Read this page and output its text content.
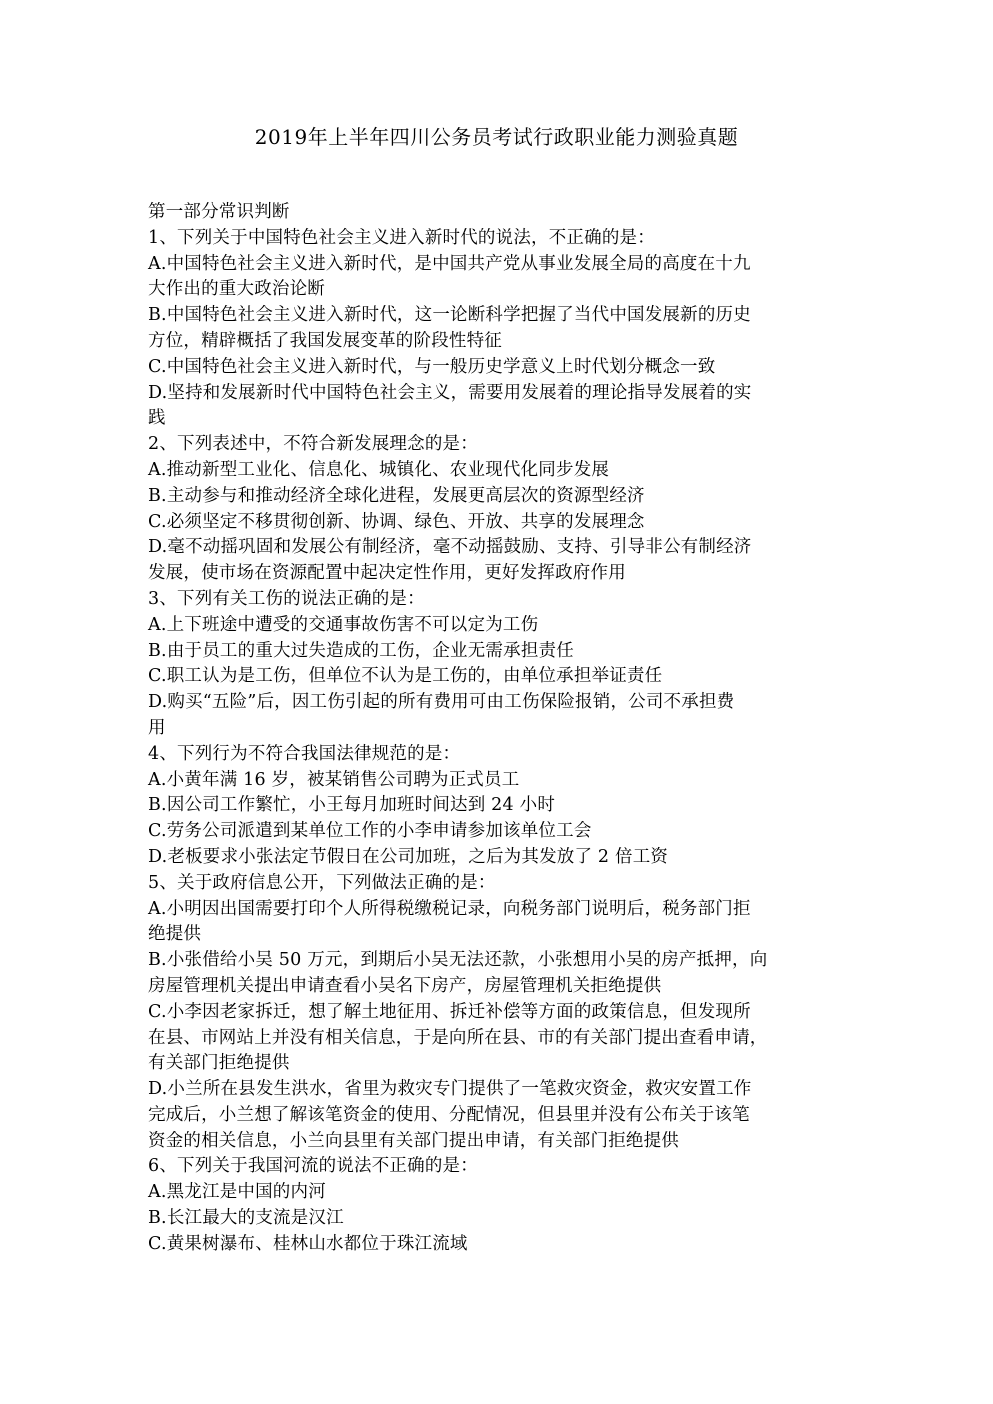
2019年上半年四川公务员考试行政职业能力测验真题
第一部分常识判断
1、下列关于中国特色社会主义进入新时代的说法，不正确的是：
A.中国特色社会主义进入新时代，是中国共产党从事业发展全局的高度在十九
大作出的重大政治论断
B.中国特色社会主义进入新时代，这一论断科学把握了当代中国发展新的历史
方位，精辟概括了我国发展变革的阶段性特征
C.中国特色社会主义进入新时代，与一般历史学意义上时代划分概念一致
D.坚持和发展新时代中国特色社会主义，需要用发展着的理论指导发展着的实
践
2、下列表述中，不符合新发展理念的是：
A.推动新型工业化、信息化、城镇化、农业现代化同步发展
B.主动参与和推动经济全球化进程，发展更高层次的资源型经济
C.必须坚定不移贯彻创新、协调、绿色、开放、共享的发展理念
D.毫不动摇巩固和发展公有制经济，毫不动摇鼓励、支持、引导非公有制经济
发展，使市场在资源配置中起决定性作用，更好发挥政府作用
3、下列有关工伤的说法正确的是：
A.上下班途中遭受的交通事故伤害不可以定为工伤
B.由于员工的重大过失造成的工伤，企业无需承担责任
C.职工认为是工伤，但单位不认为是工伤的，由单位承担举证责任
D.购买“五险”后，因工伤引起的所有费用可由工伤保险报销，公司不承担费
用
4、下列行为不符合我国法律规范的是：
A.小黄年满 16 岁，被某销售公司聘为正式员工
B.因公司工作繁忙，小王每月加班时间达到 24 小时
C.劳务公司派遣到某单位工作的小李申请参加该单位工会
D.老板要求小张法定节假日在公司加班，之后为其发放了 2 倍工资
5、关于政府信息公开，下列做法正确的是：
A.小明因出国需要打印个人所得税缴税记录，向税务部门说明后，税务部门拒
绝提供
B.小张借给小吴 50 万元，到期后小吴无法还款，小张想用小吴的房产抵押，向
房屋管理机关提出申请查看小吴名下房产，房屋管理机关拒绝提供
C.小李因老家拆迁，想了解土地征用、拆迁补偿等方面的政策信息，但发现所
在县、市网站上并没有相关信息，于是向所在县、市的有关部门提出查看申请，
有关部门拒绝提供
D.小兰所在县发生洪水，省里为救灾专门提供了一笔救灾资金，救灾安置工作
完成后，小兰想了解该笔资金的使用、分配情况，但县里并没有公布关于该笔
资金的相关信息，小兰向县里有关部门提出申请，有关部门拒绝提供
6、下列关于我国河流的说法不正确的是：
A.黑龙江是中国的内河
B.长江最大的支流是汉江
C.黄果树瀑布、桂林山水都位于珠江流域
